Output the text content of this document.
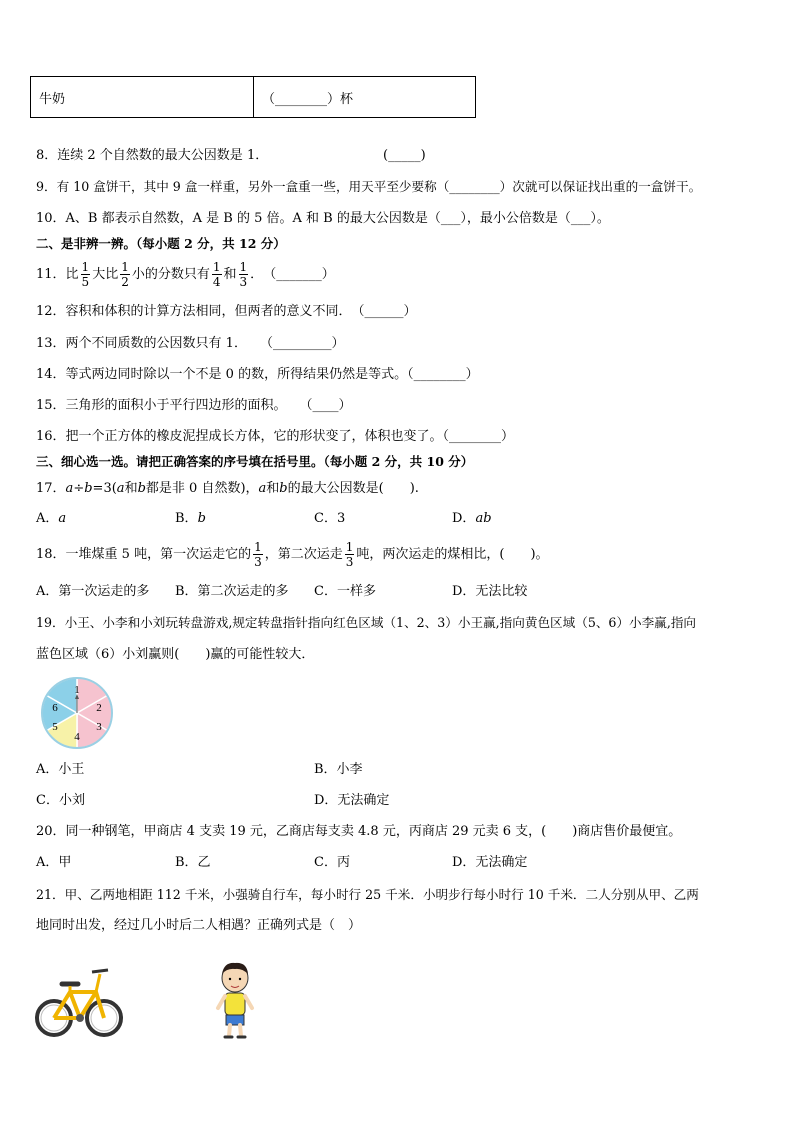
牛奶	（________）杯
8．连续 2 个自然数的最大公因数是 1．	(_____)
9．有 10 盒饼干，其中 9 盒一样重，另外一盒重一些，用天平至少要称（________）次就可以保证找出重的一盒饼干。
10．A、B 都表示自然数，A 是 B 的 5 倍。A 和 B 的最大公因数是（___），最小公倍数是（___）。
二、是非辨一辨。（每小题 2 分，共 12 分）
11．比 $\frac{1}{5}$ 大比 $\frac{1}{2}$ 小的分数只有 $\frac{1}{4}$ 和 $\frac{1}{3}$ ．　 （_______）
12．容积和体积的计算方法相同，但两者的意义不同．　（______）
13．两个不同质数的公因数只有 1．　　（_________）
14．等式两边同时除以一个不是 0 的数，所得结果仍然是等式。（________）
15．三角形的面积小于平行四边形的面积。　　（____）
16．把一个正方体的橡皮泥捏成长方体，它的形状变了，体积也变了。（________）
三、细心选一选。请把正确答案的序号填在括号里。（每小题 2 分，共 10 分）
17．a÷b=3(a和b都是非 0 自然数)，a和b的最大公因数是(　　).
A．a	B．b	C．3	D．ab
18．一堆煤重 5 吨，第一次运走它的 $\frac{1}{3}$ ，第二次运走 $\frac{1}{3}$ 吨，两次运走的煤相比，(　　)。
A．第一次运走的多 B．第二次运走的多 C．一样多	D．无法比较
19．小王、小李和小刘玩转盘游戏,规定转盘指针指向红色区域（1、2、3）小王赢,指向黄色区域（5、6）小李赢,指向
蓝色区域（6）小刘赢则(　　)赢的可能性较大．
1
2
3
4
5
6
A．小王	B．小李
C．小刘	D．无法确定
20．同一种钢笔，甲商店 4 支卖 19 元，乙商店每支卖 4.8 元，丙商店 29 元卖 6 支，(　　)商店售价最便宜。
A．甲	B．乙	C．丙	D．无法确定
21．甲、乙两地相距 112 千米，小强骑自行车，每小时行 25 千米．小明步行每小时行 10 千米．二人分别从甲、乙两
地同时出发，经过几小时后二人相遇？正确列式是（　）
